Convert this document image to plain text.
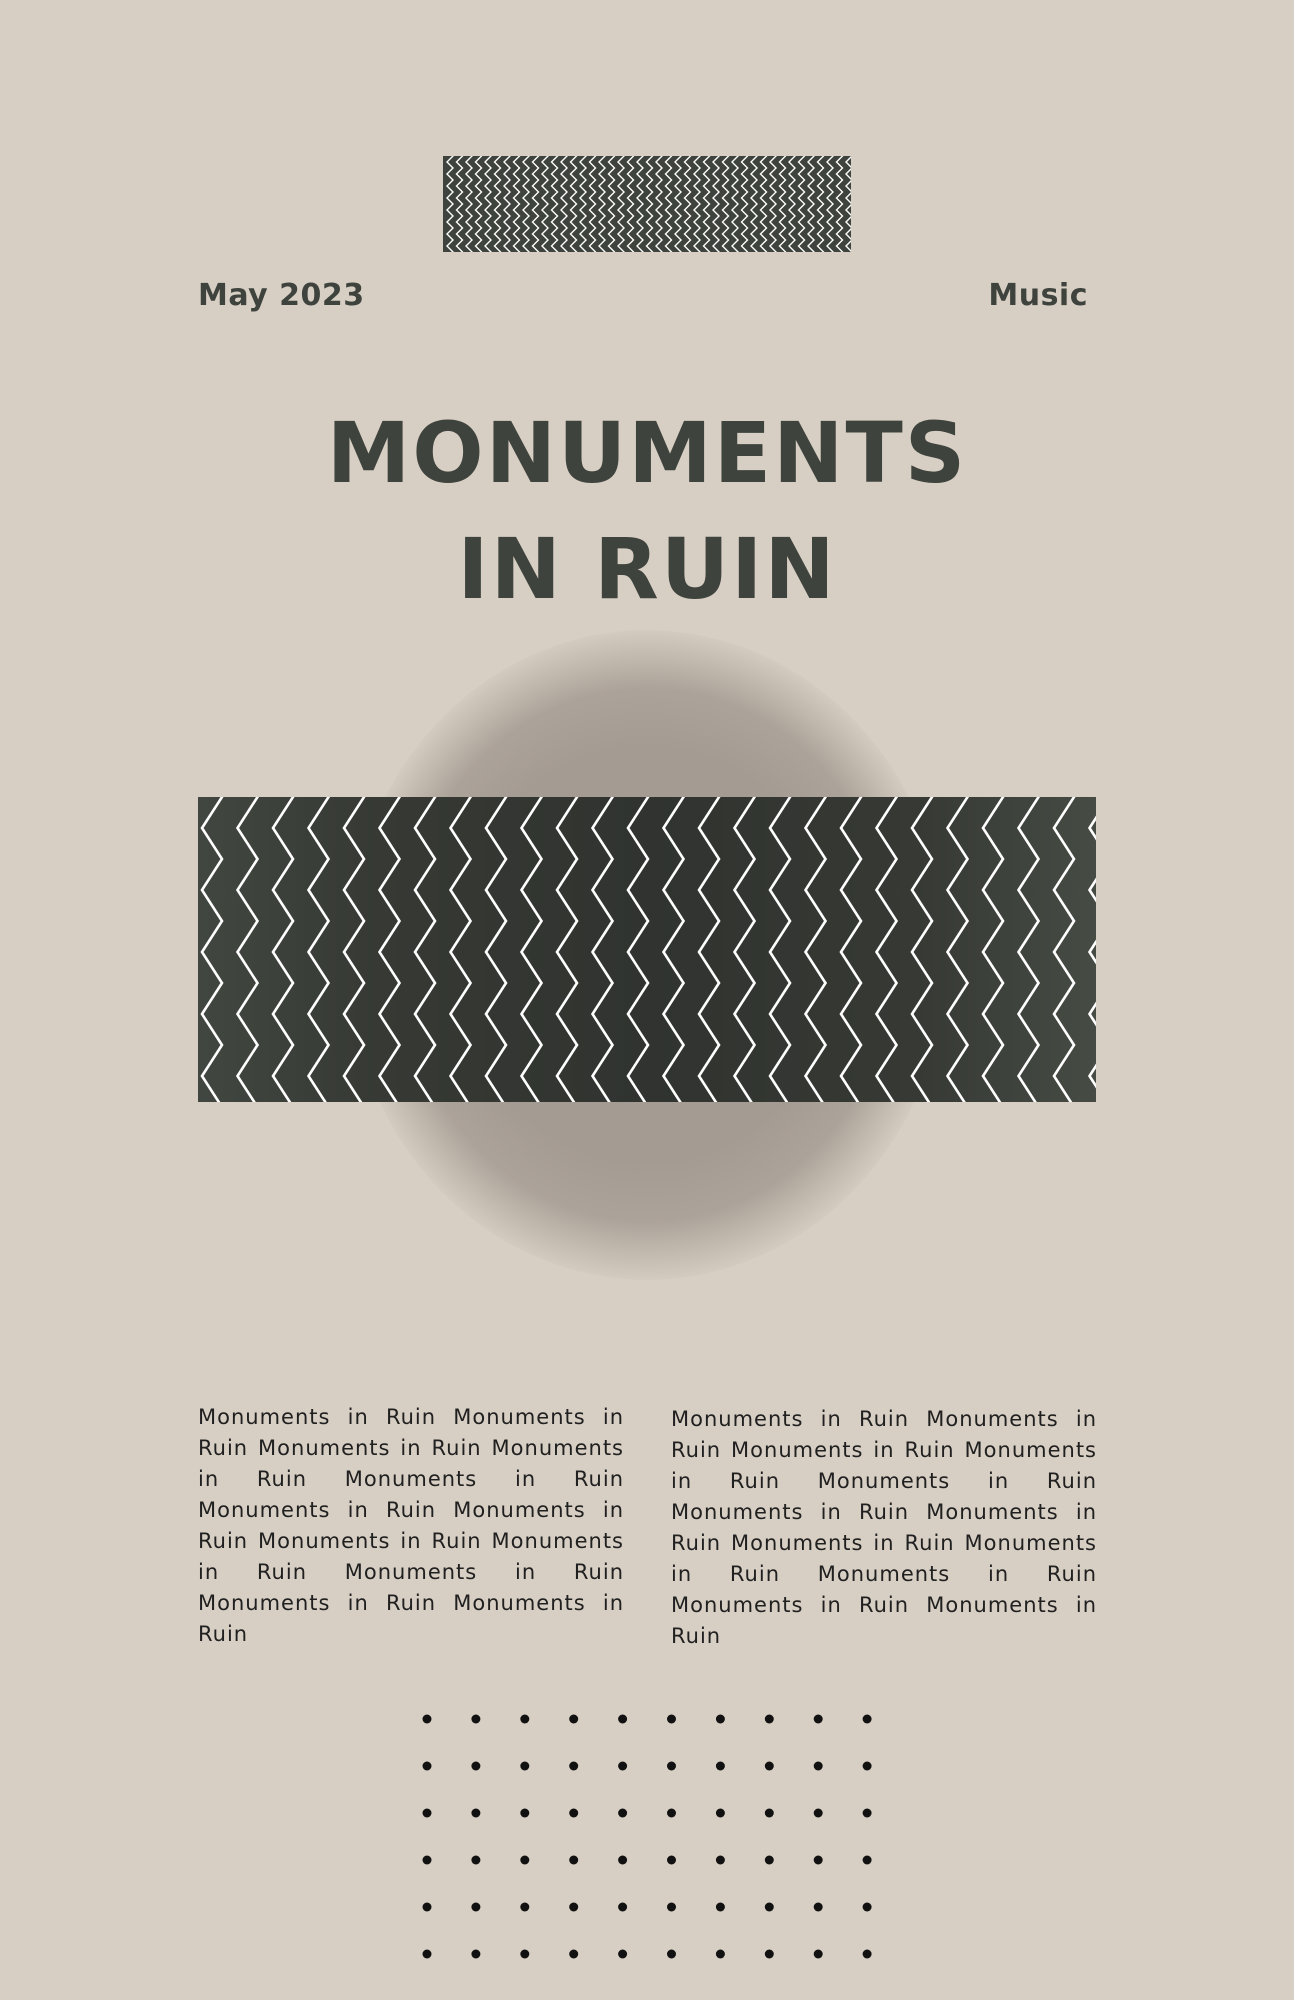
May 2023	Music
MONUMENTS
IN RUIN
Monuments in Ruin Monuments in Ruin Monuments in Ruin Monuments in Ruin Monuments in Ruin Monuments in Ruin Monuments in Ruin Monuments in Ruin Monuments in Ruin Monuments in Ruin Monuments in Ruin Monuments in Ruin
Monuments in Ruin Monuments in Ruin Monuments in Ruin Monuments in Ruin Monuments in Ruin Monuments in Ruin Monuments in Ruin Monuments in Ruin Monuments in Ruin Monuments in Ruin Monuments in Ruin Monuments in Ruin
